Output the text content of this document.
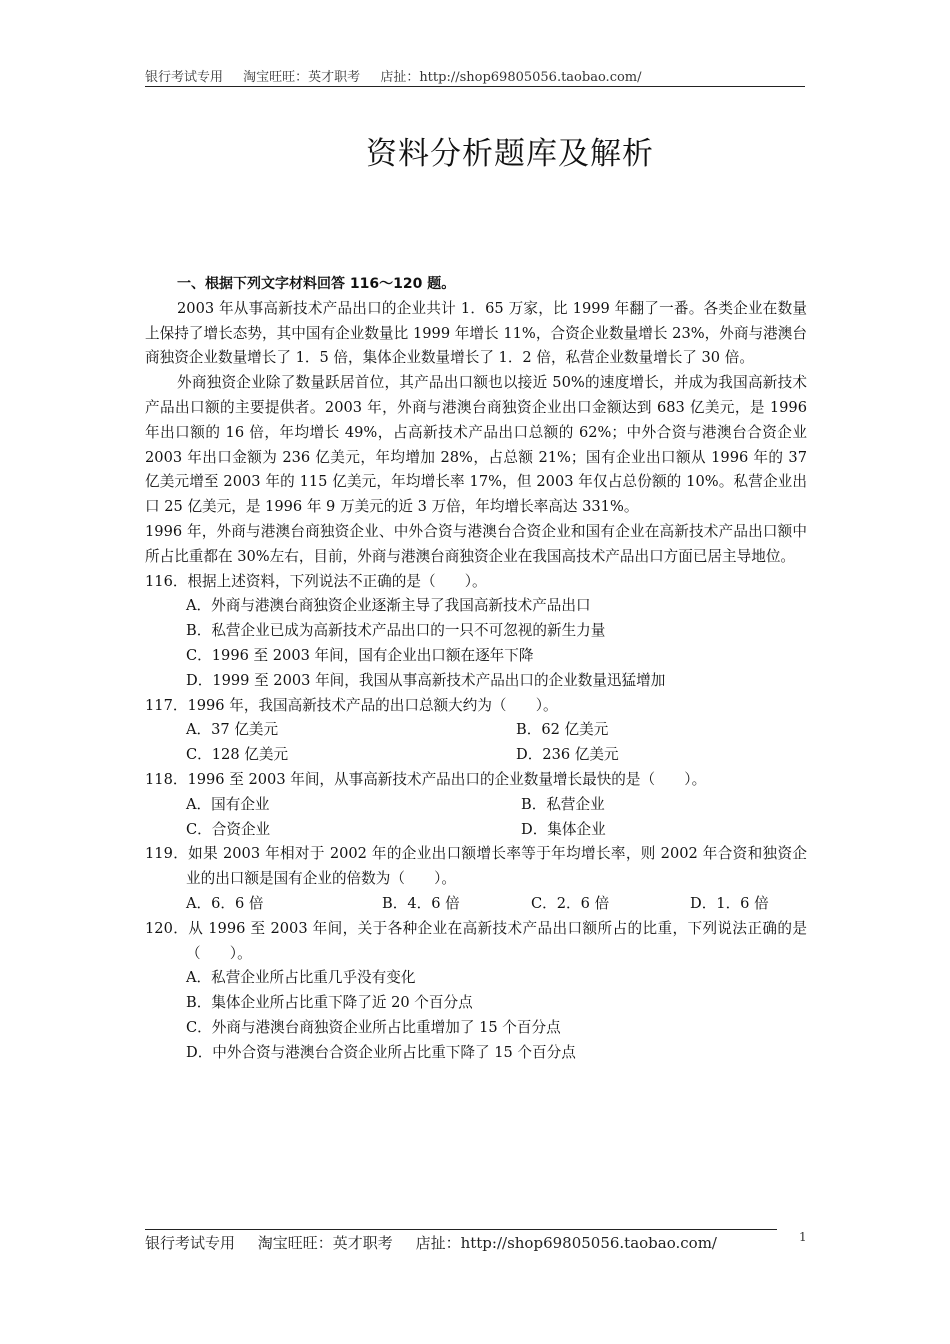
银行考试专用 淘宝旺旺：英才职考 店扯：http://shop69805056.taobao.com/
资料分析题库及解析
一、根据下列文字材料回答 116～120 题。

2003 年从事高新技术产品出口的企业共计 1．65 万家，比 1999 年翻了一番。各类企业在数量上保持了增长态势，其中国有企业数量比 1999 年增长 11%，合资企业数量增长 23%，外商与港澳台商独资企业数量增长了 1．5 倍，集体企业数量增长了 1．2 倍，私营企业数量增长了 30 倍。

外商独资企业除了数量跃居首位，其产品出口额也以接近 50%的速度增长，并成为我国高新技术产品出口额的主要提供者。2003 年，外商与港澳台商独资企业出口金额达到 683 亿美元，是 1996 年出口额的 16 倍，年均增长 49%，占高新技术产品出口总额的 62%；中外合资与港澳台合资企业 2003 年出口金额为 236 亿美元，年均增加 28%，占总额 21%；国有企业出口额从 1996 年的 37 亿美元增至 2003 年的 115 亿美元，年均增长率 17%，但 2003 年仅占总份额的 10%。私营企业出口 25 亿美元，是 1996 年 9 万美元的近 3 万倍，年均增长率高达 331%。

1996 年，外商与港澳台商独资企业、中外合资与港澳台合资企业和国有企业在高新技术产品出口额中所占比重都在 30%左右，目前，外商与港澳台商独资企业在我国高技术产品出口方面已居主导地位。

116．根据上述资料，下列说法不正确的是（　　）。

A．外商与港澳台商独资企业逐渐主导了我国高新技术产品出口
B．私营企业已成为高新技术产品出口的一只不可忽视的新生力量
C．1996 至 2003 年间，国有企业出口额在逐年下降
D．1999 至 2003 年间，我国从事高新技术产品出口的企业数量迅猛增加

117．1996 年，我国高新技术产品的出口总额大约为（　　）。

A．37 亿美元	B．62 亿美元
C．128 亿美元	D．236 亿美元

118．1996 至 2003 年间，从事高新技术产品出口的企业数量增长最快的是（　　）。

A．国有企业	B．私营企业
C．合资企业	D．集体企业

119．如果 2003 年相对于 2002 年的企业出口额增长率等于年均增长率，则 2002 年合资和独资企业的出口额是国有企业的倍数为（　　）。

A．6．6 倍	B．4．6 倍	C．2．6 倍	D．1．6 倍

120．从 1996 至 2003 年间，关于各种企业在高新技术产品出口额所占的比重，下列说法正确的是（　　）。

A．私营企业所占比重几乎没有变化
B．集体企业所占比重下降了近 20 个百分点
C．外商与港澳台商独资企业所占比重增加了 15 个百分点
D．中外合资与港澳台合资企业所占比重下降了 15 个百分点
银行考试专用 淘宝旺旺：英才职考 店扯：http://shop69805056.taobao.com/	1
